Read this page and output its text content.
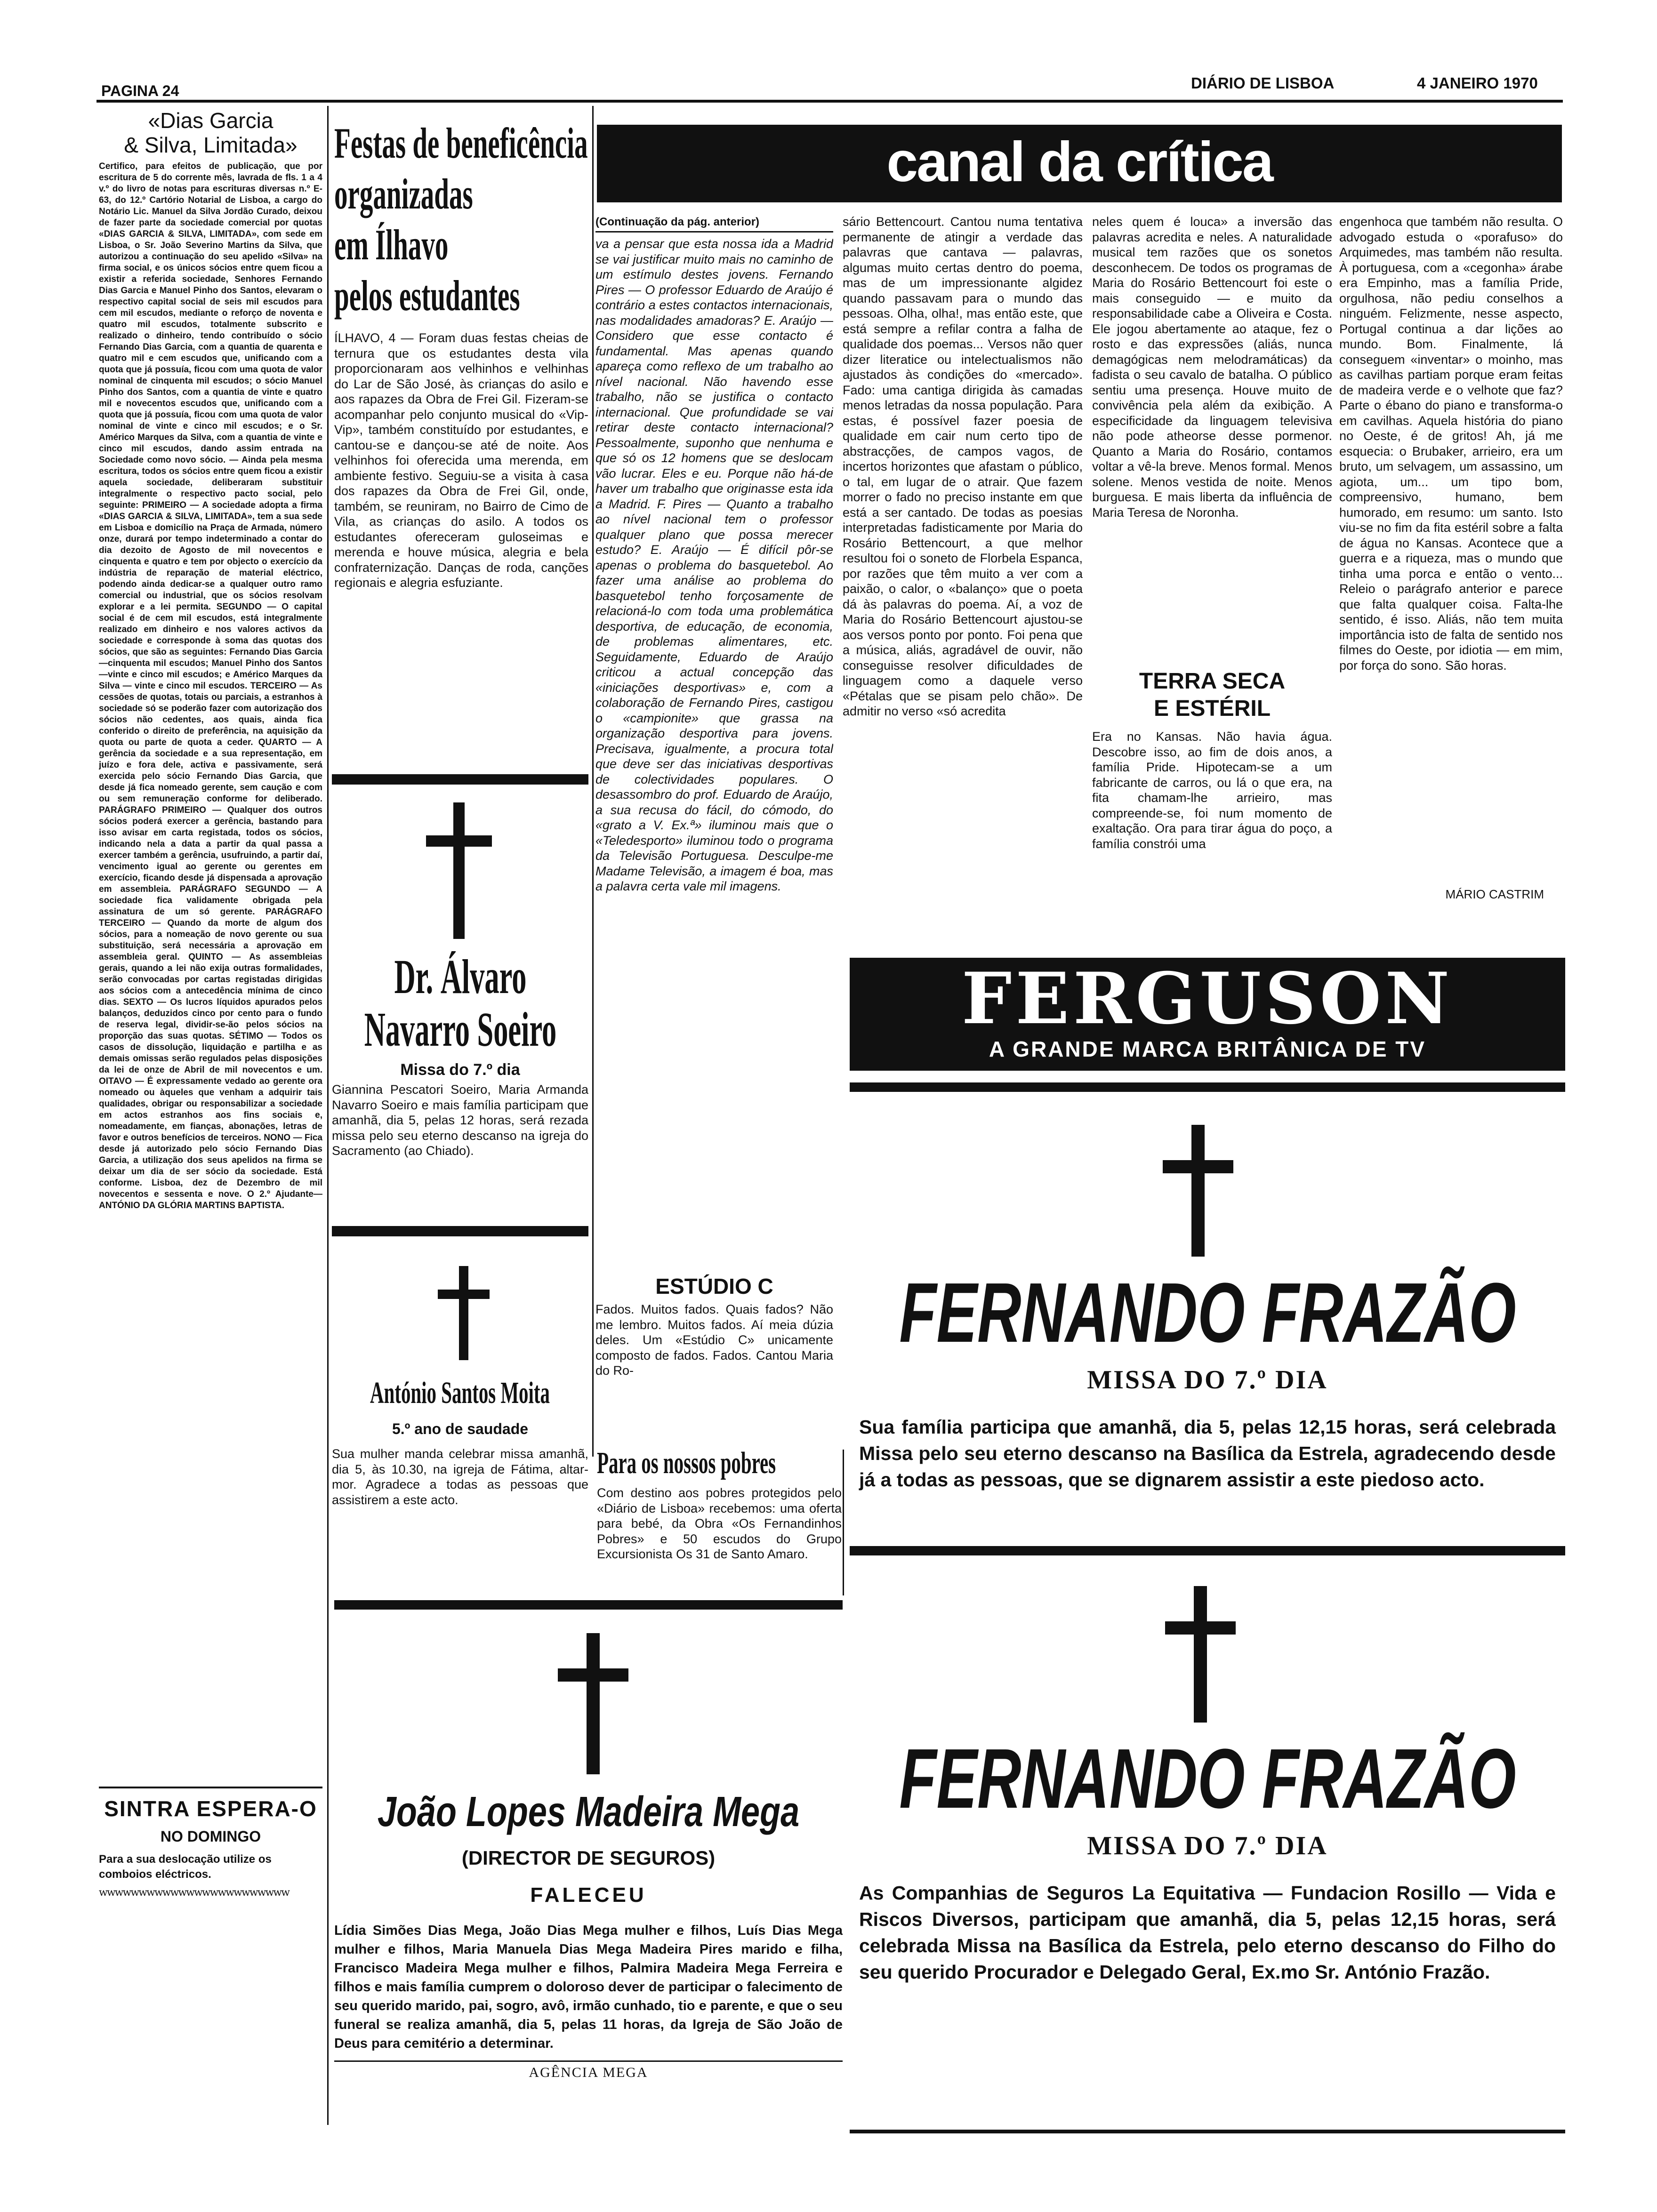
PAGINA 24	DIÁRIO DE LISBOA	4 JANEIRO 1970
«Dias Garcia
& Silva, Limitada»
Certifico, para efeitos de publicação, que por escritura de 5 do corrente mês, lavrada de fls. 1 a 4 v.º do livro de notas para escrituras diversas n.º E-63, do 12.º Cartório Notarial de Lisboa, a cargo do Notário Lic. Manuel da Silva Jordão Curado, deixou de fazer parte da sociedade comercial por quotas «DIAS GARCIA & SILVA, LIMITADA», com sede em Lisboa, o Sr. João Severino Martins da Silva, que autorizou a continuação do seu apelido «Silva» na firma social, e os únicos sócios entre quem ficou a existir a referida sociedade, Senhores Fernando Dias Garcia e Manuel Pinho dos Santos, elevaram o respectivo capital social de seis mil escudos para cem mil escudos, mediante o reforço de noventa e quatro mil escudos, totalmente subscrito e realizado o dinheiro, tendo contribuído o sócio Fernando Dias Garcia, com a quantia de quarenta e quatro mil e cem escudos que, unificando com a quota que já possuía, ficou com uma quota de valor nominal de cinquenta mil escudos; o sócio Manuel Pinho dos Santos, com a quantia de vinte e quatro mil e novecentos escudos que, unificando com a quota que já possuía, ficou com uma quota de valor nominal de vinte e cinco mil escudos; e o Sr. Américo Marques da Silva, com a quantia de vinte e cinco mil escudos, dando assim entrada na Sociedade como novo sócio. — Ainda pela mesma escritura, todos os sócios entre quem ficou a existir aquela sociedade, deliberaram substituir integralmente o respectivo pacto social, pelo seguinte: PRIMEIRO — A sociedade adopta a firma «DIAS GARCIA & SILVA, LIMITADA», tem a sua sede em Lisboa e domicílio na Praça de Armada, número onze, durará por tempo indeterminado a contar do dia dezoito de Agosto de mil novecentos e cinquenta e quatro e tem por objecto o exercício da indústria de reparação de material eléctrico, podendo ainda dedicar-se a qualquer outro ramo comercial ou industrial, que os sócios resolvam explorar e a lei permita. SEGUNDO — O capital social é de cem mil escudos, está integralmente realizado em dinheiro e nos valores activos da sociedade e corresponde à soma das quotas dos sócios, que são as seguintes: Fernando Dias Garcia—cinquenta mil escudos; Manuel Pinho dos Santos—vinte e cinco mil escudos; e Américo Marques da Silva — vinte e cinco mil escudos. TERCEIRO — As cessões de quotas, totais ou parciais, a estranhos à sociedade só se poderão fazer com autorização dos sócios não cedentes, aos quais, ainda fica conferido o direito de preferência, na aquisição da quota ou parte de quota a ceder. QUARTO — A gerência da sociedade e a sua representação, em juízo e fora dele, activa e passivamente, será exercida pelo sócio Fernando Dias Garcia, que desde já fica nomeado gerente, sem caução e com ou sem remuneração conforme for deliberado. PARÁGRAFO PRIMEIRO — Qualquer dos outros sócios poderá exercer a gerência, bastando para isso avisar em carta registada, todos os sócios, indicando nela a data a partir da qual passa a exercer também a gerência, usufruindo, a partir daí, vencimento igual ao gerente ou gerentes em exercício, ficando desde já dispensada a aprovação em assembleia. PARÁGRAFO SEGUNDO — A sociedade fica validamente obrigada pela assinatura de um só gerente. PARÁGRAFO TERCEIRO — Quando da morte de algum dos sócios, para a nomeação de novo gerente ou sua substituição, será necessária a aprovação em assembleia geral. QUINTO — As assembleias gerais, quando a lei não exija outras formalidades, serão convocadas por cartas registadas dirigidas aos sócios com a antecedência mínima de cinco dias. SEXTO — Os lucros líquidos apurados pelos balanços, deduzidos cinco por cento para o fundo de reserva legal, dividir-se-ão pelos sócios na proporção das suas quotas. SÉTIMO — Todos os casos de dissolução, liquidação e partilha e as demais omissas serão regulados pelas disposições da lei de onze de Abril de mil novecentos e um. OITAVO — É expressamente vedado ao gerente ora nomeado ou àqueles que venham a adquirir tais qualidades, obrigar ou responsabilizar a sociedade em actos estranhos aos fins sociais e, nomeadamente, em fianças, abonações, letras de favor e outros benefícios de terceiros. NONO — Fica desde já autorizado pelo sócio Fernando Dias Garcia, a utilização dos seus apelidos na firma se deixar um dia de ser sócio da sociedade. Está conforme. Lisboa, dez de Dezembro de mil novecentos e sessenta e nove. O 2.º Ajudante—ANTÓNIO DA GLÓRIA MARTINS BAPTISTA.
SINTRA ESPERA-O
NO DOMINGO
Para a sua deslocação utilize os comboios eléctricos.
wwwwwwwwwwwwwwwwwwwwwwww
Festas de beneficência
organizadas
em Ílhavo
pelos estudantes
ÍLHAVO, 4 — Foram duas festas cheias de ternura que os estudantes desta vila proporcionaram aos velhinhos e velhinhas do Lar de São José, às crianças do asilo e aos rapazes da Obra de Frei Gil. Fizeram-se acompanhar pelo conjunto musical do «Vip-Vip», também constituído por estudantes, e cantou-se e dançou-se até de noite. Aos velhinhos foi oferecida uma merenda, em ambiente festivo. Seguiu-se a visita à casa dos rapazes da Obra de Frei Gil, onde, também, se reuniram, no Bairro de Cimo de Vila, as crianças do asilo. A todos os estudantes ofereceram guloseimas e merenda e houve música, alegria e bela confraternização. Danças de roda, canções regionais e alegria esfuziante.
Dr. Álvaro
Navarro Soeiro
Missa do 7.º dia
Giannina Pescatori Soeiro, Maria Armanda Navarro Soeiro e mais família participam que amanhã, dia 5, pelas 12 horas, será rezada missa pelo seu eterno descanso na igreja do Sacramento (ao Chiado).
António Santos Moita
5.º ano de saudade
Sua mulher manda celebrar missa amanhã, dia 5, às 10.30, na igreja de Fátima, altar-mor. Agradece a todas as pessoas que assistirem a este acto.
canal da crítica
(Continuação da pág. anterior)
va a pensar que esta nossa ida a Madrid se vai justificar muito mais no caminho de um estímulo destes jovens. Fernando Pires — O professor Eduardo de Araújo é contrário a estes contactos internacionais, nas modalidades amadoras? E. Araújo — Considero que esse contacto é fundamental. Mas apenas quando apareça como reflexo de um trabalho ao nível nacional. Não havendo esse trabalho, não se justifica o contacto internacional. Que profundidade se vai retirar deste contacto internacional? Pessoalmente, suponho que nenhuma e que só os 12 homens que se deslocam vão lucrar. Eles e eu. Porque não há-de haver um trabalho que originasse esta ida a Madrid. F. Pires — Quanto a trabalho ao nível nacional tem o professor qualquer plano que possa merecer estudo? E. Araújo — É difícil pôr-se apenas o problema do basquetebol. Ao fazer uma análise ao problema do basquetebol tenho forçosamente de relacioná-lo com toda uma problemática desportiva, de educação, de economia, de problemas alimentares, etc. Seguidamente, Eduardo de Araújo criticou a actual concepção das «iniciações desportivas» e, com a colaboração de Fernando Pires, castigou o «campionite» que grassa na organização desportiva para jovens. Precisava, igualmente, a procura total que deve ser das iniciativas desportivas de colectividades populares. O desassombro do prof. Eduardo de Araújo, a sua recusa do fácil, do cómodo, do «grato a V. Ex.ª» iluminou mais que o «Teledesporto» iluminou todo o programa da Televisão Portuguesa. Desculpe-me Madame Televisão, a imagem é boa, mas a palavra certa vale mil imagens.
ESTÚDIO C
Fados. Muitos fados. Quais fados? Não me lembro. Muitos fados. Aí meia dúzia deles. Um «Estúdio C» unicamente composto de fados. Fados. Cantou Maria do Ro-
sário Bettencourt. Cantou numa tentativa permanente de atingir a verdade das palavras que cantava — palavras, algumas muito certas dentro do poema, mas de um impressionante algidez quando passavam para o mundo das pessoas. Olha, olha!, mas então este, que está sempre a refilar contra a falha de qualidade dos poemas... Versos não quer dizer literatice ou intelectualismos não ajustados às condições do «mercado». Fado: uma cantiga dirigida às camadas menos letradas da nossa população. Para estas, é possível fazer poesia de qualidade em cair num certo tipo de abstracções, de campos vagos, de incertos horizontes que afastam o público, o tal, em lugar de o atrair. Que fazem morrer o fado no preciso instante em que está a ser cantado. De todas as poesias interpretadas fadisticamente por Maria do Rosário Bettencourt, a que melhor resultou foi o soneto de Florbela Espanca, por razões que têm muito a ver com a paixão, o calor, o «balanço» que o poeta dá às palavras do poema. Aí, a voz de Maria do Rosário Bettencourt ajustou-se aos versos ponto por ponto. Foi pena que a música, aliás, agradável de ouvir, não conseguisse resolver dificuldades de linguagem como a daquele verso «Pétalas que se pisam pelo chão». De admitir no verso «só acredita
neles quem é louca» a inversão das palavras acredita e neles. A naturalidade musical tem razões que os sonetos desconhecem. De todos os programas de Maria do Rosário Bettencourt foi este o mais conseguido — e muito da responsabilidade cabe a Oliveira e Costa. Ele jogou abertamente ao ataque, fez o rosto e das expressões (aliás, nunca demagógicas nem melodramáticas) da fadista o seu cavalo de batalha. O público sentiu uma presença. Houve muito de convivência pela além da exibição. A especificidade da linguagem televisiva não pode atheorse desse pormenor. Quanto a Maria do Rosário, contamos voltar a vê-la breve. Menos formal. Menos solene. Menos vestida de noite. Menos burguesa. E mais liberta da influência de Maria Teresa de Noronha.
TERRA SECA
E ESTÉRIL
Era no Kansas. Não havia água. Descobre isso, ao fim de dois anos, a família Pride. Hipotecam-se a um fabricante de carros, ou lá o que era, na fita chamam-lhe arrieiro, mas compreende-se, foi num momento de exaltação. Ora para tirar água do poço, a família constrói uma
engenhoca que também não resulta. O advogado estuda o «porafuso» do Arquimedes, mas também não resulta. À portuguesa, com a «cegonha» árabe era Empinho, mas a família Pride, orgulhosa, não pediu conselhos a ninguém. Felizmente, nesse aspecto, Portugal continua a dar lições ao mundo. Bom. Finalmente, lá conseguem «inventar» o moinho, mas as cavilhas partiam porque eram feitas de madeira verde e o velhote que faz? Parte o ébano do piano e transforma-o em cavilhas. Aquela história do piano no Oeste, é de gritos! Ah, já me esquecia: o Brubaker, arrieiro, era um bruto, um selvagem, um assassino, um agiota, um... um tipo bom, compreensivo, humano, bem humorado, em resumo: um santo. Isto viu-se no fim da fita estéril sobre a falta de água no Kansas. Acontece que a guerra e a riqueza, mas o mundo que tinha uma porca e então o vento... Releio o parágrafo anterior e parece que falta qualquer coisa. Falta-lhe sentido, é isso. Aliás, não tem muita importância isto de falta de sentido nos filmes do Oeste, por idiotia — em mim, por força do sono. São horas.
MÁRIO CASTRIM
Para os nossos pobres
Com destino aos pobres protegidos pelo «Diário de Lisboa» recebemos: uma oferta para bebé, da Obra «Os Fernandinhos Pobres» e 50 escudos do Grupo Excursionista Os 31 de Santo Amaro.
FERGUSON
A GRANDE MARCA BRITÂNICA DE TV
FERNANDO FRAZÃO
MISSA DO 7.º DIA
Sua família participa que amanhã, dia 5, pelas 12,15 horas, será celebrada Missa pelo seu eterno descanso na Basílica da Estrela, agradecendo desde já a todas as pessoas, que se dignarem assistir a este piedoso acto.
FERNANDO FRAZÃO
MISSA DO 7.º DIA
As Companhias de Seguros La Equitativa — Fundacion Rosillo — Vida e Riscos Diversos, participam que amanhã, dia 5, pelas 12,15 horas, será celebrada Missa na Basílica da Estrela, pelo eterno descanso do Filho do seu querido Procurador e Delegado Geral, Ex.mo Sr. António Frazão.
João Lopes Madeira Mega
(DIRECTOR DE SEGUROS)
FALECEU
Lídia Simões Dias Mega, João Dias Mega mulher e filhos, Luís Dias Mega mulher e filhos, Maria Manuela Dias Mega Madeira Pires marido e filha, Francisco Madeira Mega mulher e filhos, Palmira Madeira Mega Ferreira e filhos e mais família cumprem o doloroso dever de participar o falecimento de seu querido marido, pai, sogro, avô, irmão cunhado, tio e parente, e que o seu funeral se realiza amanhã, dia 5, pelas 11 horas, da Igreja de São João de Deus para cemitério a determinar.
AGÊNCIA MEGA
